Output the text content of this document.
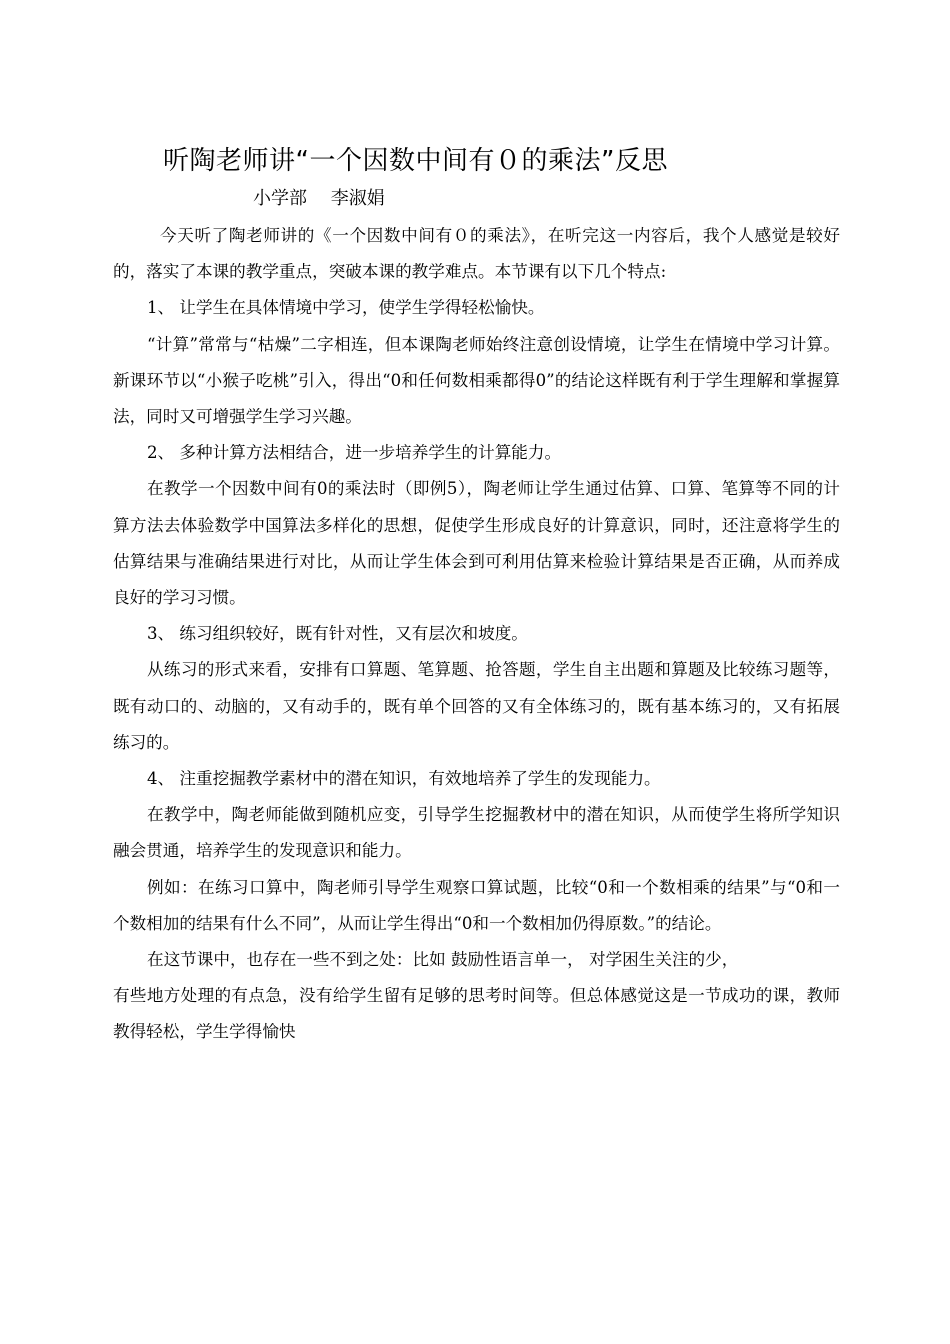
听陶老师讲“一个因数中间有０的乘法”反思
小学部 李淑娟

今天听了陶老师讲的《一个因数中间有０的乘法》，在听完这一内容后，我个人感觉是较好的，落实了本课的教学重点，突破本课的教学难点。本节课有以下几个特点:

1、 让学生在具体情境中学习，使学生学得轻松愉快。

“计算”常常与“枯燥”二字相连，但本课陶老师始终注意创设情境，让学生在情境中学习计算。新课环节以“小猴子吃桃”引入，得出“0和任何数相乘都得0”的结论这样既有利于学生理解和掌握算法，同时又可增强学生学习兴趣。

2、 多种计算方法相结合，进一步培养学生的计算能力。

在教学一个因数中间有0的乘法时（即例5），陶老师让学生通过估算、口算、笔算等不同的计算方法去体验数学中国算法多样化的思想，促使学生形成良好的计算意识，同时，还注意将学生的估算结果与准确结果进行对比，从而让学生体会到可利用估算来检验计算结果是否正确，从而养成良好的学习习惯。

3、 练习组织较好，既有针对性，又有层次和坡度。

从练习的形式来看，安排有口算题、笔算题、抢答题，学生自主出题和算题及比较练习题等，既有动口的、动脑的，又有动手的，既有单个回答的又有全体练习的，既有基本练习的，又有拓展练习的。

4、 注重挖掘教学素材中的潜在知识，有效地培养了学生的发现能力。

在教学中，陶老师能做到随机应变，引导学生挖掘教材中的潜在知识，从而使学生将所学知识融会贯通，培养学生的发现意识和能力。

例如：在练习口算中，陶老师引导学生观察口算试题，比较“0和一个数相乘的结果”与“0和一个数相加的结果有什么不同”，从而让学生得出“0和一个数相加仍得原数。”的结论。

在这节课中，也存在一些不到之处：比如 鼓励性语言单一， 对学困生关注的少，

有些地方处理的有点急，没有给学生留有足够的思考时间等。但总体感觉这是一节成功的课，教师教得轻松，学生学得愉快
